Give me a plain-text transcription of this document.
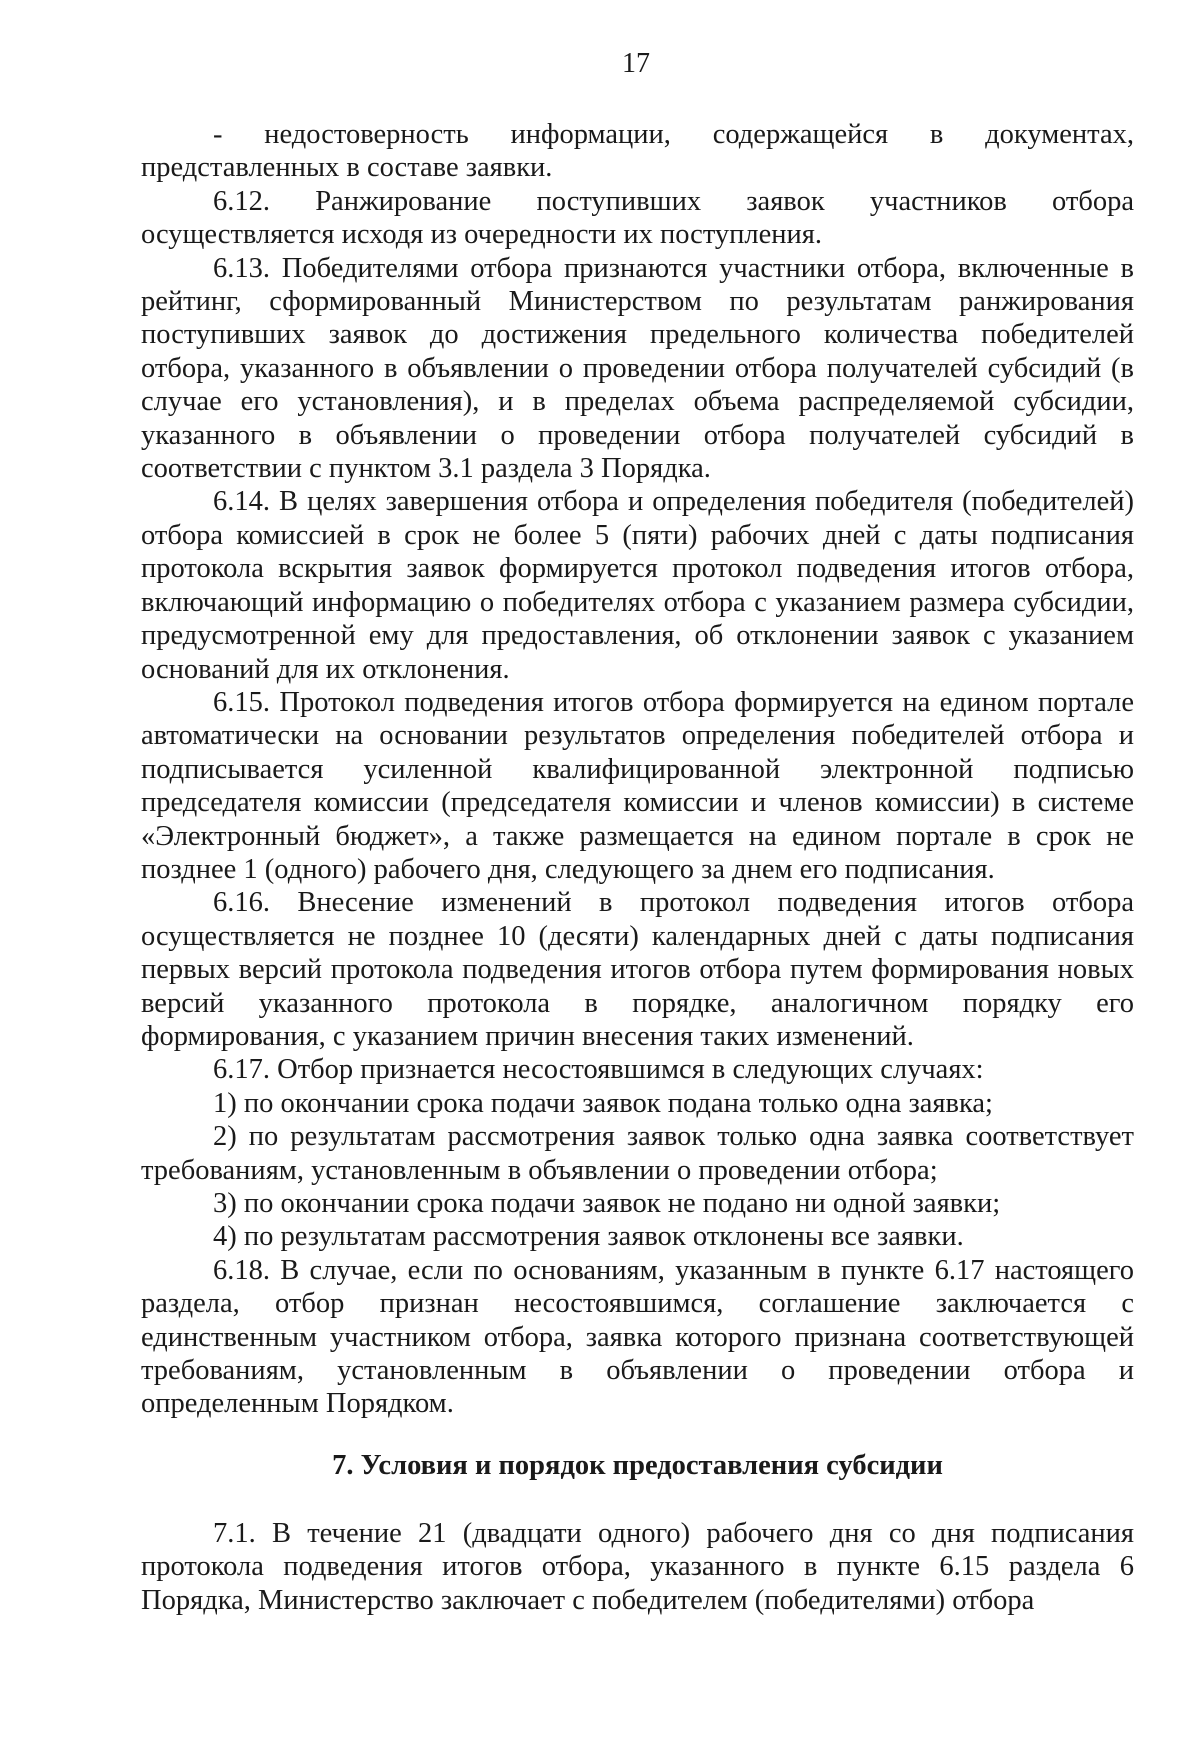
17

- недостоверность информации, содержащейся в документах, представленных в составе заявки.

6.12. Ранжирование поступивших заявок участников отбора осуществляется исходя из очередности их поступления.

6.13. Победителями отбора признаются участники отбора, включенные в рейтинг, сформированный Министерством по результатам ранжирования поступивших заявок до достижения предельного количества победителей отбора, указанного в объявлении о проведении отбора получателей субсидий (в случае его установления), и в пределах объема распределяемой субсидии, указанного в объявлении о проведении отбора получателей субсидий в соответствии с пунктом 3.1 раздела 3 Порядка.

6.14. В целях завершения отбора и определения победителя (победителей) отбора комиссией в срок не более 5 (пяти) рабочих дней с даты подписания протокола вскрытия заявок формируется протокол подведения итогов отбора, включающий информацию о победителях отбора с указанием размера субсидии, предусмотренной ему для предоставления, об отклонении заявок с указанием оснований для их отклонения.

6.15. Протокол подведения итогов отбора формируется на едином портале автоматически на основании результатов определения победителей отбора и подписывается усиленной квалифицированной электронной подписью председателя комиссии (председателя комиссии и членов комиссии) в системе «Электронный бюджет», а также размещается на едином портале в срок не позднее 1 (одного) рабочего дня, следующего за днем его подписания.

6.16. Внесение изменений в протокол подведения итогов отбора осуществляется не позднее 10 (десяти) календарных дней с даты подписания первых версий протокола подведения итогов отбора путем формирования новых версий указанного протокола в порядке, аналогичном порядку его формирования, с указанием причин внесения таких изменений.

6.17. Отбор признается несостоявшимся в следующих случаях:

1) по окончании срока подачи заявок подана только одна заявка;

2) по результатам рассмотрения заявок только одна заявка соответствует требованиям, установленным в объявлении о проведении отбора;

3) по окончании срока подачи заявок не подано ни одной заявки;

4) по результатам рассмотрения заявок отклонены все заявки.

6.18. В случае, если по основаниям, указанным в пункте 6.17 настоящего раздела, отбор признан несостоявшимся, соглашение заключается с единственным участником отбора, заявка которого признана соответствующей требованиям, установленным в объявлении о проведении отбора и определенным Порядком.

7. Условия и порядок предоставления субсидии

7.1. В течение 21 (двадцати одного) рабочего дня со дня подписания протокола подведения итогов отбора, указанного в пункте 6.15 раздела 6 Порядка, Министерство заключает с победителем (победителями) отбора
